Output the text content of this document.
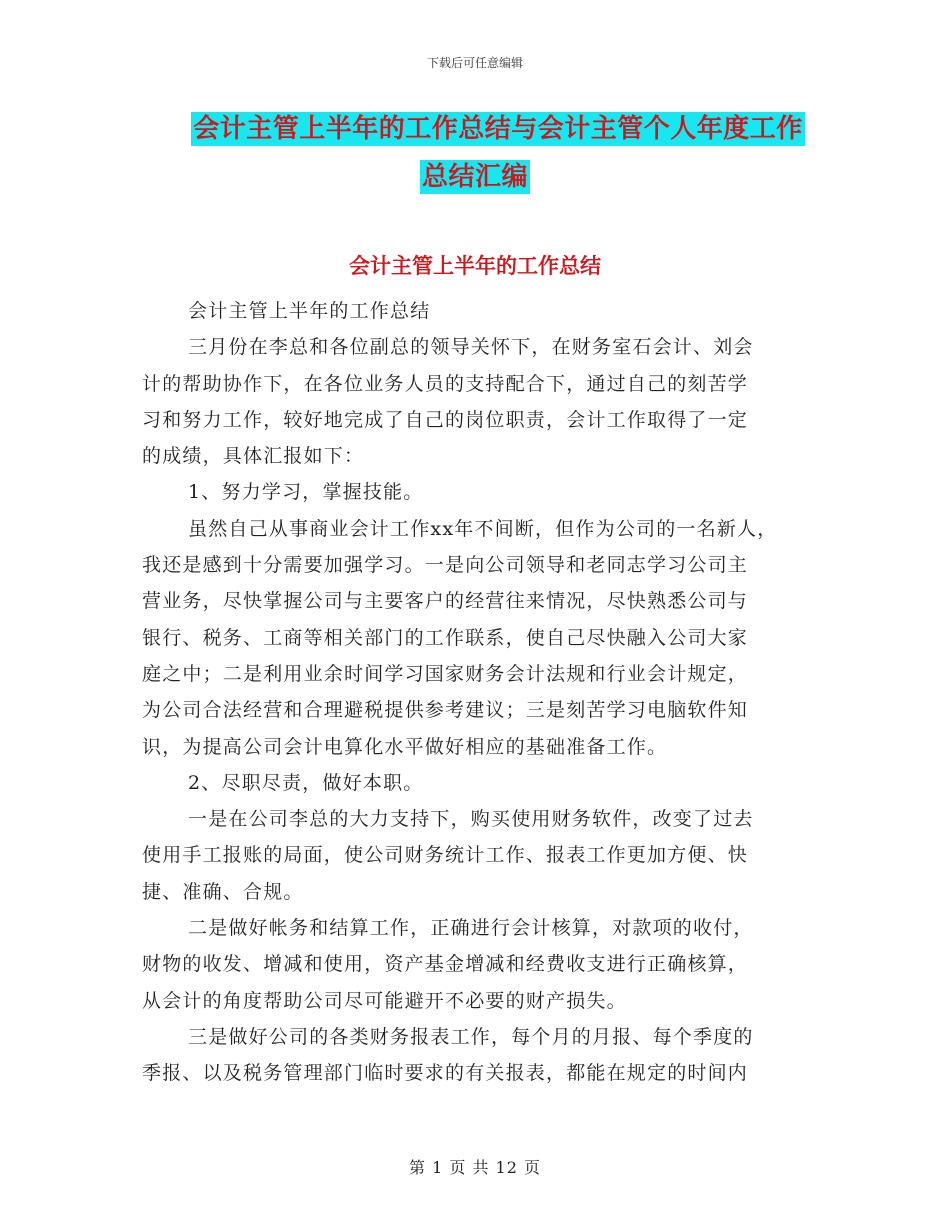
下载后可任意编辑
会计主管上半年的工作总结与会计主管个人年度工作
总结汇编
会计主管上半年的工作总结
会计主管上半年的工作总结
三月份在李总和各位副总的领导关怀下，在财务室石会计、刘会
计的帮助协作下，在各位业务人员的支持配合下，通过自己的刻苦学
习和努力工作，较好地完成了自己的岗位职责，会计工作取得了一定
的成绩，具体汇报如下：
1、努力学习，掌握技能。
虽然自己从事商业会计工作xx年不间断，但作为公司的一名新人，
我还是感到十分需要加强学习。一是向公司领导和老同志学习公司主
营业务，尽快掌握公司与主要客户的经营往来情况，尽快熟悉公司与
银行、税务、工商等相关部门的工作联系，使自己尽快融入公司大家
庭之中；二是利用业余时间学习国家财务会计法规和行业会计规定，
为公司合法经营和合理避税提供参考建议；三是刻苦学习电脑软件知
识，为提高公司会计电算化水平做好相应的基础准备工作。
2、尽职尽责，做好本职。
一是在公司李总的大力支持下，购买使用财务软件，改变了过去
使用手工报账的局面，使公司财务统计工作、报表工作更加方便、快
捷、准确、合规。
二是做好帐务和结算工作，正确进行会计核算，对款项的收付，
财物的收发、增减和使用，资产基金增减和经费收支进行正确核算，
从会计的角度帮助公司尽可能避开不必要的财产损失。
三是做好公司的各类财务报表工作，每个月的月报、每个季度的
季报、以及税务管理部门临时要求的有关报表，都能在规定的时间内
第 1 页 共 12 页
